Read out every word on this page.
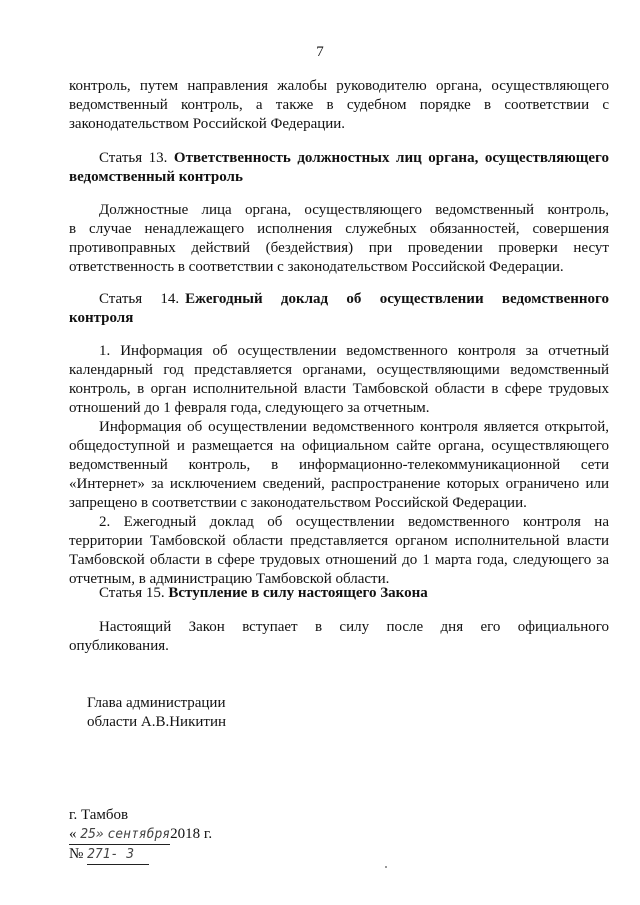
7

контроль, путем направления жалобы руководителю органа, осуществляющего

ведомственный контроль, а также в судебном порядке в соответствии с

законодательством Российской Федерации.

Статья 13. Ответственность должностных лиц органа, осуществляющего

ведомственный контроль

Должностные лица органа, осуществляющего ведомственный контроль,

в случае ненадлежащего исполнения служебных обязанностей, совершения

противоправных действий (бездействия) при проведении проверки несут

ответственность в соответствии с законодательством Российской Федерации.

Статья 14. Ежегодный доклад об осуществлении ведомственного

контроля

1. Информация об осуществлении ведомственного контроля за отчетный

календарный год представляется органами, осуществляющими ведомственный

контроль, в орган исполнительной власти Тамбовской области в сфере трудовых

отношений до 1 февраля года, следующего за отчетным.

Информация об осуществлении ведомственного контроля является открытой,

общедоступной и размещается на официальном сайте органа, осуществляющего

ведомственный контроль, в информационно-телекоммуникационной сети

«Интернет» за исключением сведений, распространение которых ограничено или

запрещено в соответствии с законодательством Российской Федерации.

2. Ежегодный доклад об осуществлении ведомственного контроля на

территории Тамбовской области представляется органом исполнительной власти

Тамбовской области в сфере трудовых отношений до 1 марта года, следующего за

отчетным, в администрацию Тамбовской области.

Статья 15. Вступление в силу настоящего Закона

Настоящий Закон вступает в силу после дня его официального

опубликования.

Глава администрации

области А.В.Никитин

г. Тамбов

« 25» сентября2018 г.

№ 271- 3
